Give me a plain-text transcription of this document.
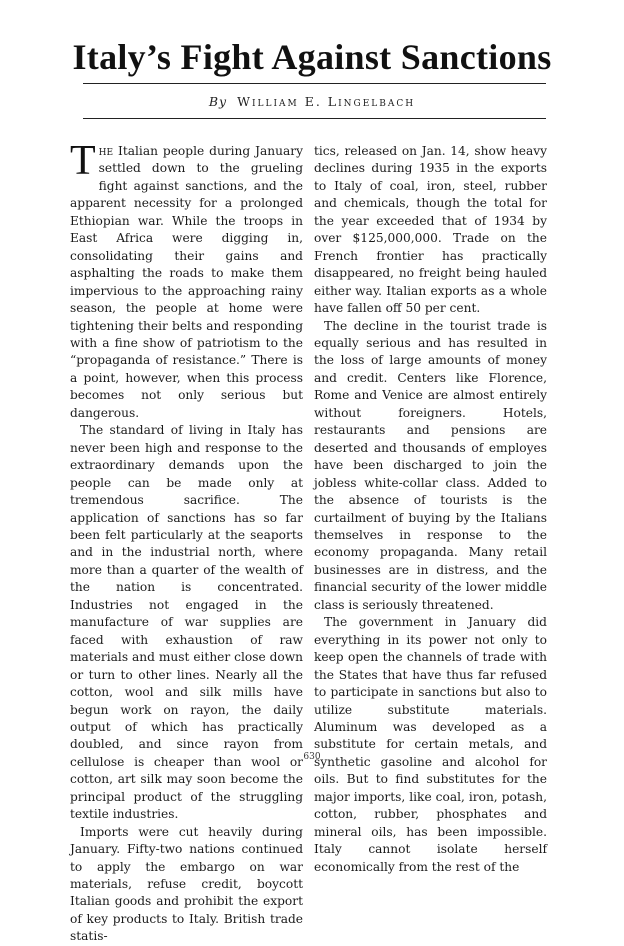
Italy’s Fight Against Sanctions
By William E. Lingelbach

The Italian people during January settled down to the grueling fight against sanctions, and the apparent necessity for a prolonged Ethiopian war. While the troops in East Africa were digging in, consolidating their gains and asphalting the roads to make them impervious to the approaching rainy season, the people at home were tightening their belts and responding with a fine show of patriotism to the “propaganda of resistance.” There is a point, however, when this process becomes not only serious but dangerous.

The standard of living in Italy has never been high and response to the extraordinary demands upon the people can be made only at tremendous sacrifice. The application of sanctions has so far been felt particularly at the seaports and in the industrial north, where more than a quarter of the wealth of the nation is concentrated. Industries not engaged in the manufacture of war supplies are faced with exhaustion of raw materials and must either close down or turn to other lines. Nearly all the cotton, wool and silk mills have begun work on rayon, the daily output of which has practically doubled, and since rayon from cellulose is cheaper than wool or cotton, art silk may soon become the principal product of the struggling textile industries.

Imports were cut heavily during January. Fifty-two nations continued to apply the embargo on war materials, refuse credit, boycott Italian goods and prohibit the export of key products to Italy. British trade statis-

tics, released on Jan. 14, show heavy declines during 1935 in the exports to Italy of coal, iron, steel, rubber and chemicals, though the total for the year exceeded that of 1934 by over $125,000,000. Trade on the French frontier has practically disappeared, no freight being hauled either way. Italian exports as a whole have fallen off 50 per cent.

The decline in the tourist trade is equally serious and has resulted in the loss of large amounts of money and credit. Centers like Florence, Rome and Venice are almost entirely without foreigners. Hotels, restaurants and pensions are deserted and thousands of employes have been discharged to join the jobless white-collar class. Added to the absence of tourists is the curtailment of buying by the Italians themselves in response to the economy propaganda. Many retail businesses are in distress, and the financial security of the lower middle class is seriously threatened.

The government in January did everything in its power not only to keep open the channels of trade with the States that have thus far refused to participate in sanctions but also to utilize substitute materials. Aluminum was developed as a substitute for certain metals, and synthetic gasoline and alcohol for oils. But to find substitutes for the major imports, like coal, iron, potash, cotton, rubber, phosphates and mineral oils, has been impossible. Italy cannot isolate herself economically from the rest of the

630
